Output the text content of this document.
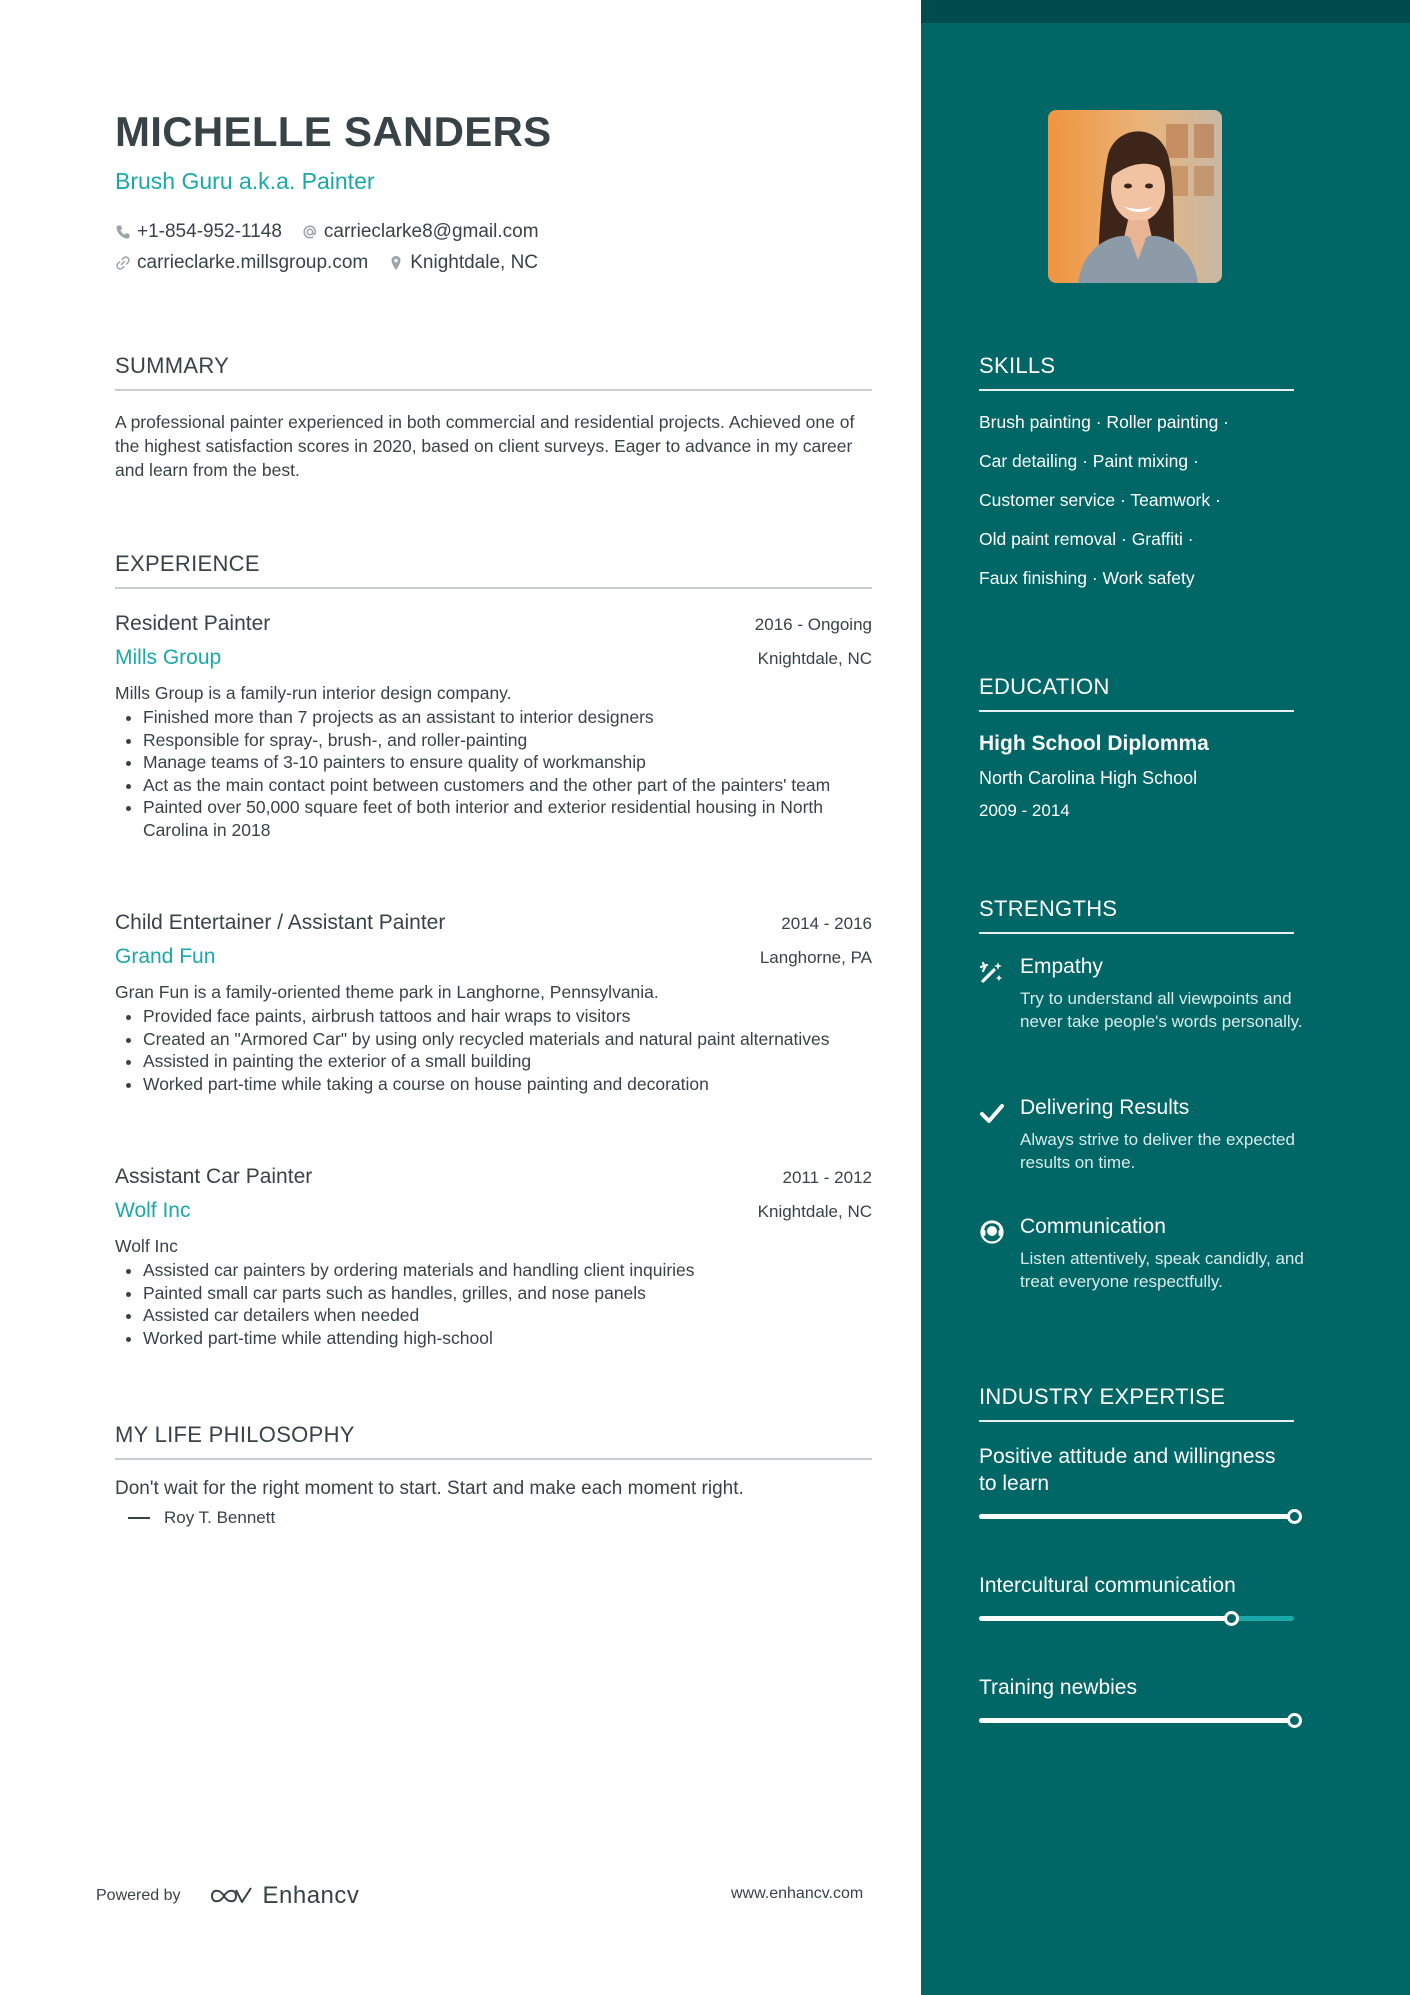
MICHELLE SANDERS
Brush Guru a.k.a. Painter
+1-854-952-1148 carrieclarke8@gmail.com
carrieclarke.millsgroup.com Knightdale, NC
SUMMARY
A professional painter experienced in both commercial and residential projects. Achieved one of the highest satisfaction scores in 2020, based on client surveys. Eager to advance in my career and learn from the best.
EXPERIENCE
Resident Painter	2016 - Ongoing
Mills Group	Knightdale, NC
Mills Group is a family-run interior design company.
• Finished more than 7 projects as an assistant to interior designers
• Responsible for spray-, brush-, and roller-painting
• Manage teams of 3-10 painters to ensure quality of workmanship
• Act as the main contact point between customers and the other part of the painters' team
• Painted over 50,000 square feet of both interior and exterior residential housing in North Carolina in 2018
Child Entertainer / Assistant Painter	2014 - 2016
Grand Fun	Langhorne, PA
Gran Fun is a family-oriented theme park in Langhorne, Pennsylvania.
• Provided face paints, airbrush tattoos and hair wraps to visitors
• Created an "Armored Car" by using only recycled materials and natural paint alternatives
• Assisted in painting the exterior of a small building
• Worked part-time while taking a course on house painting and decoration
Assistant Car Painter	2011 - 2012
Wolf Inc	Knightdale, NC
Wolf Inc
• Assisted car painters by ordering materials and handling client inquiries
• Painted small car parts such as handles, grilles, and nose panels
• Assisted car detailers when needed
• Worked part-time while attending high-school
MY LIFE PHILOSOPHY
Don't wait for the right moment to start. Start and make each moment right.
Roy T. Bennett
Powered by	Enhancv	www.enhancv.com
SKILLS
Brush painting · Roller painting ·
Car detailing · Paint mixing ·
Customer service · Teamwork ·
Old paint removal · Graffiti ·
Faux finishing · Work safety
EDUCATION
High School Diplomma
North Carolina High School
2009 - 2014
STRENGTHS
Empathy
Try to understand all viewpoints and never take people's words personally.
Delivering Results
Always strive to deliver the expected results on time.
Communication
Listen attentively, speak candidly, and treat everyone respectfully.
INDUSTRY EXPERTISE
Positive attitude and willingness to learn
Intercultural communication
Training newbies
